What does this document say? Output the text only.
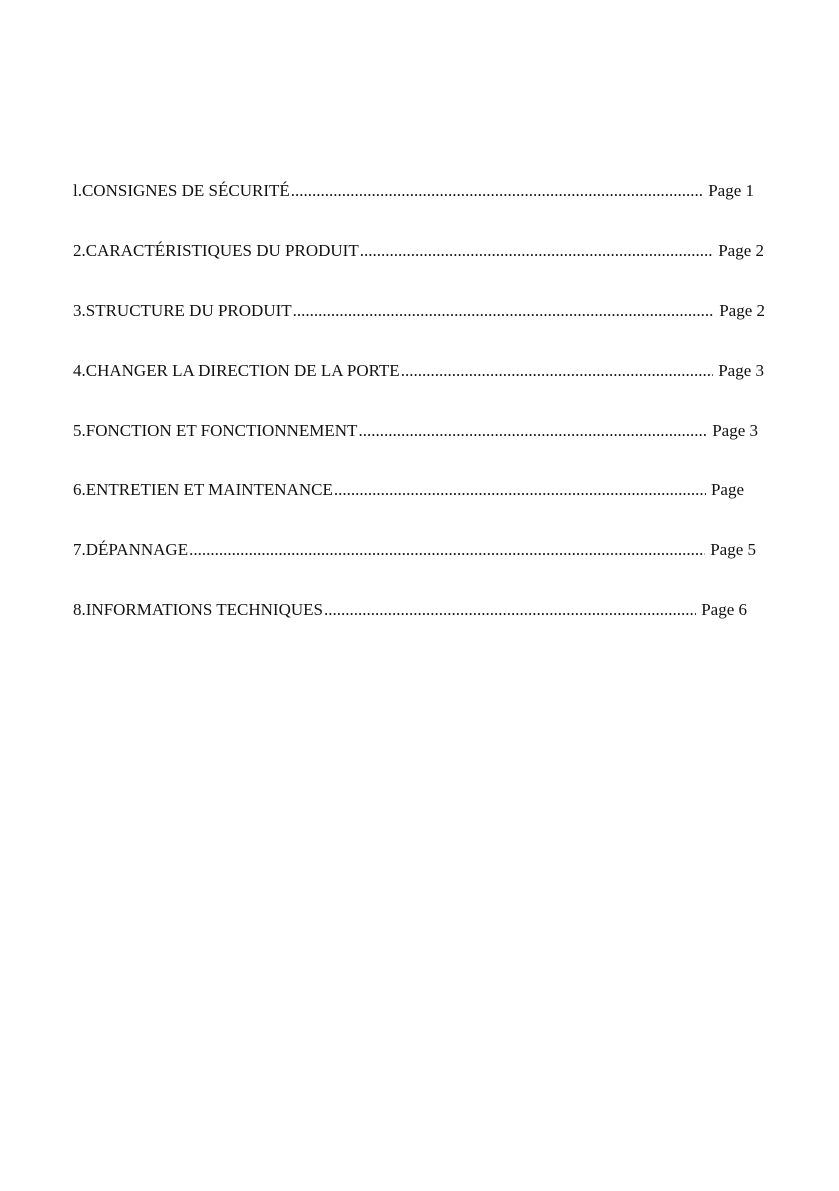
l.CONSIGNES DE SÉCURITÉ .....	Page 1
2.CARACTÉRISTIQUES DU PRODUIT .....	Page 2
3.STRUCTURE DU PRODUIT .....	Page 2
4.CHANGER LA DIRECTION DE LA PORTE .....	Page 3
5.FONCTION ET FONCTIONNEMENT .....	Page 3
6.ENTRETIEN ET MAINTENANCE .....	Page
7.DÉPANNAGE .....	Page 5
8.INFORMATIONS TECHNIQUES .....	Page 6
